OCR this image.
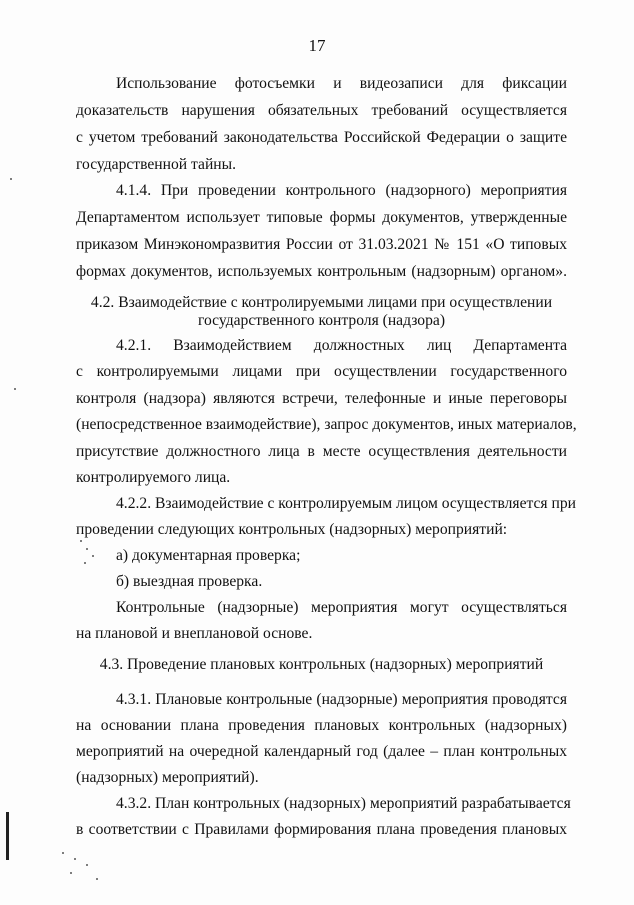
17
Использование фотосъемки и видеозаписи для фиксации
доказательств нарушения обязательных требований осуществляется
с учетом требований законодательства Российской Федерации о защите
государственной тайны.
4.1.4. При проведении контрольного (надзорного) мероприятия
Департаментом использует типовые формы документов, утвержденные
приказом Минэкономразвития России от 31.03.2021 № 151 «О типовых
формах документов, используемых контрольным (надзорным) органом».
4.2. Взаимодействие с контролируемыми лицами при осуществлении
государственного контроля (надзора)
4.2.1. Взаимодействием должностных лиц Департамента
с контролируемыми лицами при осуществлении государственного
контроля (надзора) являются встречи, телефонные и иные переговоры
(непосредственное взаимодействие), запрос документов, иных материалов,
присутствие должностного лица в месте осуществления деятельности
контролируемого лица.
4.2.2. Взаимодействие с контролируемым лицом осуществляется при
проведении следующих контрольных (надзорных) мероприятий:
а) документарная проверка;
б) выездная проверка.
Контрольные (надзорные) мероприятия могут осуществляться
на плановой и внеплановой основе.
4.3. Проведение плановых контрольных (надзорных) мероприятий
4.3.1. Плановые контрольные (надзорные) мероприятия проводятся
на основании плана проведения плановых контрольных (надзорных)
мероприятий на очередной календарный год (далее – план контрольных
(надзорных) мероприятий).
4.3.2. План контрольных (надзорных) мероприятий разрабатывается
в соответствии с Правилами формирования плана проведения плановых
